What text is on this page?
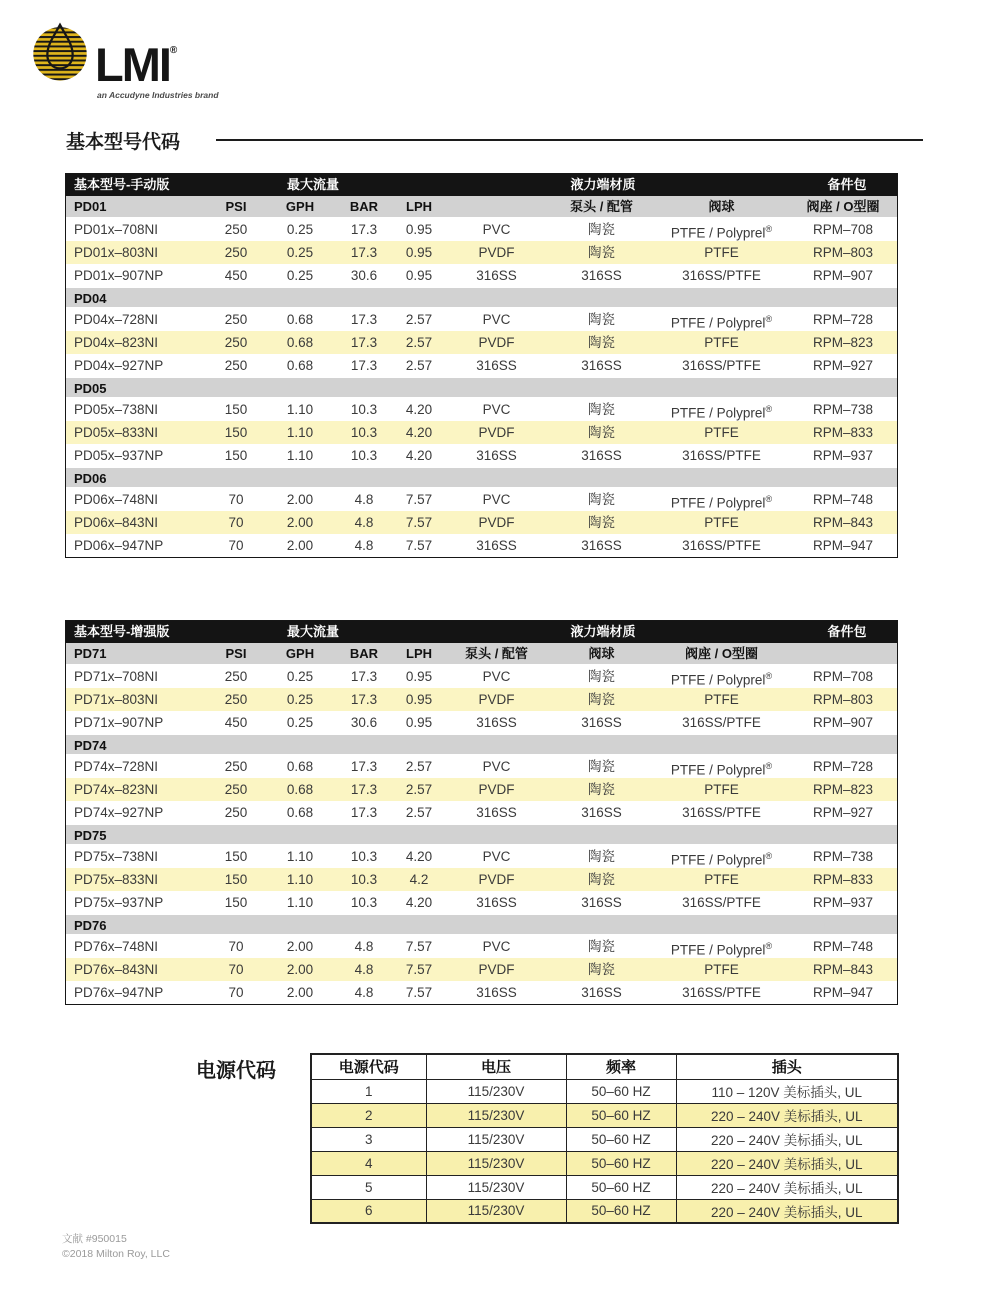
LMI®
an Accudyne Industries brand
基本型号代码
基本型号-手动版	最大流量	液力端材质	备件包
PD01	PSI	GPH	BAR	LPH	泵头 / 配管	阀球	阀座 / O型圈
PD01x–708NI	250	0.25	17.3	0.95	PVC	陶瓷	PTFE / Polyprel®	RPM–708
PD01x–803NI	250	0.25	17.3	0.95	PVDF	陶瓷	PTFE	RPM–803
PD01x–907NP	450	0.25	30.6	0.95	316SS	316SS	316SS/PTFE	RPM–907
PD04
PD04x–728NI	250	0.68	17.3	2.57	PVC	陶瓷	PTFE / Polyprel®	RPM–728
PD04x–823NI	250	0.68	17.3	2.57	PVDF	陶瓷	PTFE	RPM–823
PD04x–927NP	250	0.68	17.3	2.57	316SS	316SS	316SS/PTFE	RPM–927
PD05
PD05x–738NI	150	1.10	10.3	4.20	PVC	陶瓷	PTFE / Polyprel®	RPM–738
PD05x–833NI	150	1.10	10.3	4.20	PVDF	陶瓷	PTFE	RPM–833
PD05x–937NP	150	1.10	10.3	4.20	316SS	316SS	316SS/PTFE	RPM–937
PD06
PD06x–748NI	70	2.00	4.8	7.57	PVC	陶瓷	PTFE / Polyprel®	RPM–748
PD06x–843NI	70	2.00	4.8	7.57	PVDF	陶瓷	PTFE	RPM–843
PD06x–947NP	70	2.00	4.8	7.57	316SS	316SS	316SS/PTFE	RPM–947
基本型号-增强版	最大流量	液力端材质	备件包
PD71	PSI	GPH	BAR	LPH	泵头 / 配管	阀球	阀座 / O型圈
PD71x–708NI	250	0.25	17.3	0.95	PVC	陶瓷	PTFE / Polyprel®	RPM–708
PD71x–803NI	250	0.25	17.3	0.95	PVDF	陶瓷	PTFE	RPM–803
PD71x–907NP	450	0.25	30.6	0.95	316SS	316SS	316SS/PTFE	RPM–907
PD74
PD74x–728NI	250	0.68	17.3	2.57	PVC	陶瓷	PTFE / Polyprel®	RPM–728
PD74x–823NI	250	0.68	17.3	2.57	PVDF	陶瓷	PTFE	RPM–823
PD74x–927NP	250	0.68	17.3	2.57	316SS	316SS	316SS/PTFE	RPM–927
PD75
PD75x–738NI	150	1.10	10.3	4.20	PVC	陶瓷	PTFE / Polyprel®	RPM–738
PD75x–833NI	150	1.10	10.3	4.2	PVDF	陶瓷	PTFE	RPM–833
PD75x–937NP	150	1.10	10.3	4.20	316SS	316SS	316SS/PTFE	RPM–937
PD76
PD76x–748NI	70	2.00	4.8	7.57	PVC	陶瓷	PTFE / Polyprel®	RPM–748
PD76x–843NI	70	2.00	4.8	7.57	PVDF	陶瓷	PTFE	RPM–843
PD76x–947NP	70	2.00	4.8	7.57	316SS	316SS	316SS/PTFE	RPM–947
电源代码	电源代码	电压	频率	插头
1	115/230V	50–60 HZ	110 – 120V 美标插头, UL
2	115/230V	50–60 HZ	220 – 240V 美标插头, UL
3	115/230V	50–60 HZ	220 – 240V 美标插头, UL
4	115/230V	50–60 HZ	220 – 240V 美标插头, UL
5	115/230V	50–60 HZ	220 – 240V 美标插头, UL
6	115/230V	50–60 HZ	220 – 240V 美标插头, UL
文献 #950015
©2018 Milton Roy, LLC
